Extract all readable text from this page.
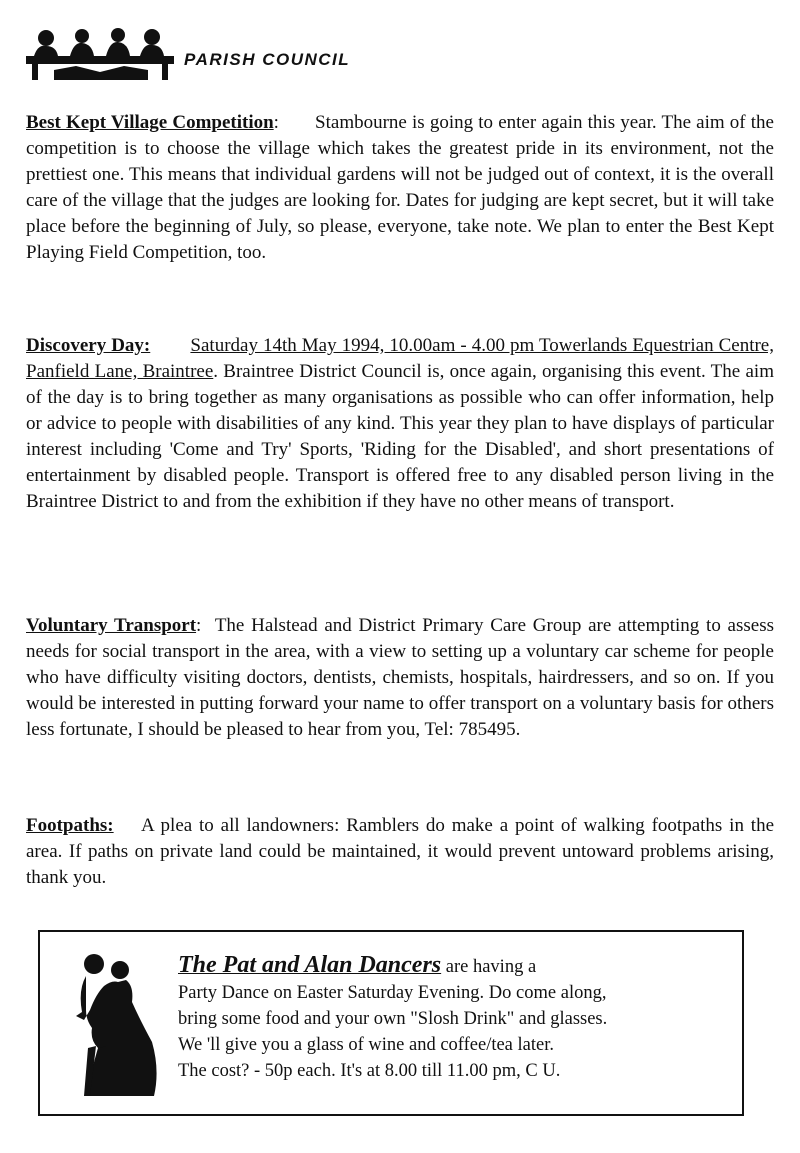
PARISH COUNCIL

Best Kept Village Competition: Stambourne is going to enter again this year. The aim of the competition is to choose the village which takes the greatest pride in its environment, not the prettiest one. This means that individual gardens will not be judged out of context, it is the overall care of the village that the judges are looking for. Dates for judging are kept secret, but it will take place before the beginning of July, so please, everyone, take note. We plan to enter the Best Kept Playing Field Competition, too.

Discovery Day: Saturday 14th May 1994, 10.00am - 4.00 pm Towerlands Equestrian Centre, Panfield Lane, Braintree. Braintree District Council is, once again, organising this event. The aim of the day is to bring together as many organisations as possible who can offer information, help or advice to people with disabilities of any kind. This year they plan to have displays of particular interest including 'Come and Try' Sports, 'Riding for the Disabled', and short presentations of entertainment by disabled people. Transport is offered free to any disabled person living in the Braintree District to and from the exhibition if they have no other means of transport.

Voluntary Transport: The Halstead and District Primary Care Group are attempting to assess needs for social transport in the area, with a view to setting up a voluntary car scheme for people who have difficulty visiting doctors, dentists, chemists, hospitals, hairdressers, and so on. If you would be interested in putting forward your name to offer transport on a voluntary basis for others less fortunate, I should be pleased to hear from you, Tel: 785495.

Footpaths: A plea to all landowners: Ramblers do make a point of walking footpaths in the area. If paths on private land could be maintained, it would prevent untoward problems arising, thank you.

The Pat and Alan Dancers are having a
Party Dance on Easter Saturday Evening. Do come along,
bring some food and your own "Slosh Drink" and glasses.
We 'll give you a glass of wine and coffee/tea later.
The cost? - 50p each. It's at 8.00 till 11.00 pm, C U.
